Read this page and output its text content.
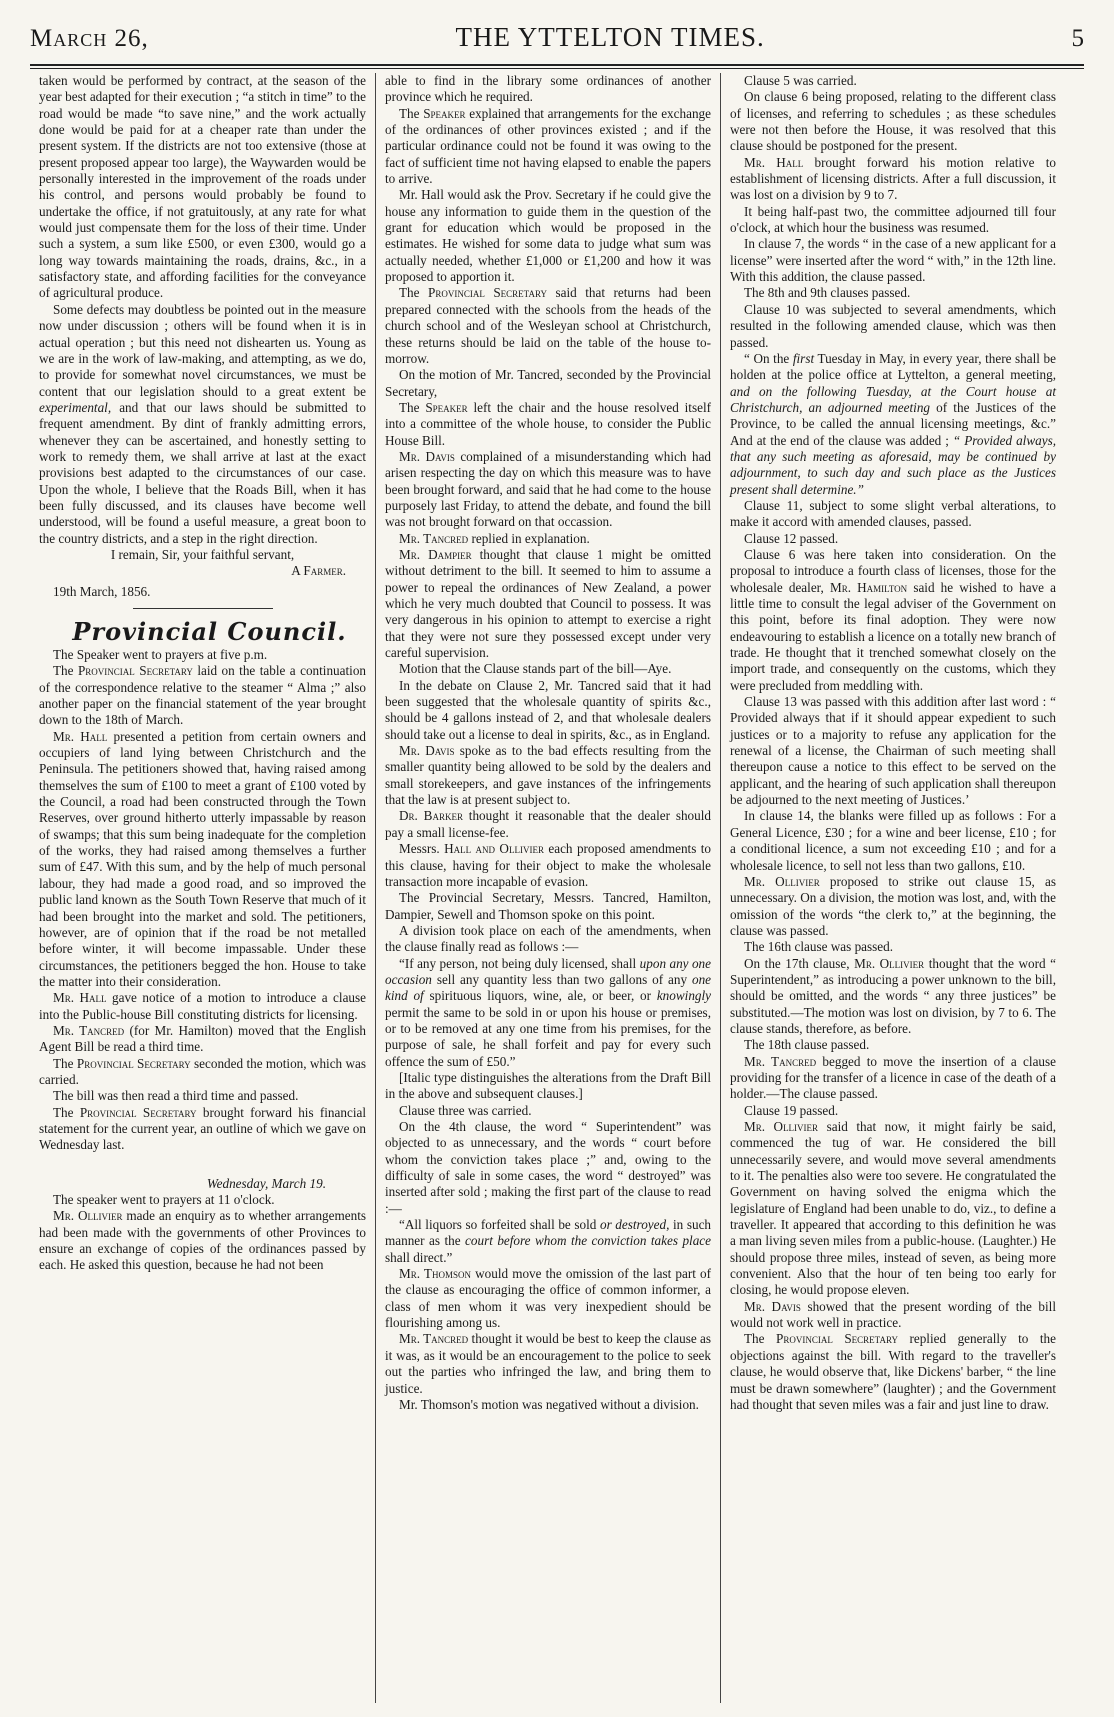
March 26,	THE YTTELTON TIMES.	5

taken would be performed by contract, at the season of the year best adapted for their execution ; “a stitch in time” to the road would be made “to save nine,” and the work actually done would be paid for at a cheaper rate than under the present system. If the districts are not too extensive (those at present proposed appear too large), the Waywarden would be personally interested in the improvement of the roads under his control, and persons would probably be found to undertake the office, if not gratuitously, at any rate for what would just compensate them for the loss of their time. Under such a system, a sum like £500, or even £300, would go a long way towards maintaining the roads, drains, &c., in a satisfactory state, and affording facilities for the conveyance of agricultural produce.

Some defects may doubtless be pointed out in the measure now under discussion ; others will be found when it is in actual operation ; but this need not dishearten us. Young as we are in the work of law-making, and attempting, as we do, to provide for somewhat novel circumstances, we must be content that our legislation should to a great extent be experimental, and that our laws should be submitted to frequent amendment. By dint of frankly admitting errors, whenever they can be ascertained, and honestly setting to work to remedy them, we shall arrive at last at the exact provisions best adapted to the circumstances of our case. Upon the whole, I believe that the Roads Bill, when it has been fully discussed, and its clauses have become well understood, will be found a useful measure, a great boon to the country districts, and a step in the right direction.

I remain, Sir, your faithful servant,

A Farmer.

19th March, 1856.

Provincial Council.

The Speaker went to prayers at five p.m.

The Provincial Secretary laid on the table a continuation of the correspondence relative to the steamer “ Alma ;” also another paper on the financial statement of the year brought down to the 18th of March.

Mr. Hall presented a petition from certain owners and occupiers of land lying between Christchurch and the Peninsula. The petitioners showed that, having raised among themselves the sum of £100 to meet a grant of £100 voted by the Council, a road had been constructed through the Town Reserves, over ground hitherto utterly impassable by reason of swamps; that this sum being inadequate for the completion of the works, they had raised among themselves a further sum of £47. With this sum, and by the help of much personal labour, they had made a good road, and so improved the public land known as the South Town Reserve that much of it had been brought into the market and sold. The petitioners, however, are of opinion that if the road be not metalled before winter, it will become impassable. Under these circumstances, the petitioners begged the hon. House to take the matter into their consideration.

Mr. Hall gave notice of a motion to introduce a clause into the Public-house Bill constituting districts for licensing.

Mr. Tancred (for Mr. Hamilton) moved that the English Agent Bill be read a third time.

The Provincial Secretary seconded the motion, which was carried.

The bill was then read a third time and passed.

The Provincial Secretary brought forward his financial statement for the current year, an outline of which we gave on Wednesday last.

Wednesday, March 19.

The speaker went to prayers at 11 o'clock.

Mr. Ollivier made an enquiry as to whether arrangements had been made with the governments of other Provinces to ensure an exchange of copies of the ordinances passed by each. He asked this question, because he had not been

able to find in the library some ordinances of another province which he required.

The Speaker explained that arrangements for the exchange of the ordinances of other provinces existed ; and if the particular ordinance could not be found it was owing to the fact of sufficient time not having elapsed to enable the papers to arrive.

Mr. Hall would ask the Prov. Secretary if he could give the house any information to guide them in the question of the grant for education which would be proposed in the estimates. He wished for some data to judge what sum was actually needed, whether £1,000 or £1,200 and how it was proposed to apportion it.

The Provincial Secretary said that returns had been prepared connected with the schools from the heads of the church school and of the Wesleyan school at Christchurch, these returns should be laid on the table of the house to-morrow.

On the motion of Mr. Tancred, seconded by the Provincial Secretary,

The Speaker left the chair and the house resolved itself into a committee of the whole house, to consider the Public House Bill.

Mr. Davis complained of a misunderstanding which had arisen respecting the day on which this measure was to have been brought forward, and said that he had come to the house purposely last Friday, to attend the debate, and found the bill was not brought forward on that occassion.

Mr. Tancred replied in explanation.

Mr. Dampier thought that clause 1 might be omitted without detriment to the bill. It seemed to him to assume a power to repeal the ordinances of New Zealand, a power which he very much doubted that Council to possess. It was very dangerous in his opinion to attempt to exercise a right that they were not sure they possessed except under very careful supervision.

Motion that the Clause stands part of the bill—Aye.

In the debate on Clause 2, Mr. Tancred said that it had been suggested that the wholesale quantity of spirits &c., should be 4 gallons instead of 2, and that wholesale dealers should take out a license to deal in spirits, &c., as in England.

Mr. Davis spoke as to the bad effects resulting from the smaller quantity being allowed to be sold by the dealers and small storekeepers, and gave instances of the infringements that the law is at present subject to.

Dr. Barker thought it reasonable that the dealer should pay a small license-fee.

Messrs. Hall and Ollivier each proposed amendments to this clause, having for their object to make the wholesale transaction more incapable of evasion.

The Provincial Secretary, Messrs. Tancred, Hamilton, Dampier, Sewell and Thomson spoke on this point.

A division took place on each of the amendments, when the clause finally read as follows :—

“If any person, not being duly licensed, shall upon any one occasion sell any quantity less than two gallons of any one kind of spirituous liquors, wine, ale, or beer, or knowingly permit the same to be sold in or upon his house or premises, or to be removed at any one time from his premises, for the purpose of sale, he shall forfeit and pay for every such offence the sum of £50.”

[Italic type distinguishes the alterations from the Draft Bill in the above and subsequent clauses.]

Clause three was carried.

On the 4th clause, the word “ Superintendent” was objected to as unnecessary, and the words “ court before whom the conviction takes place ;” and, owing to the difficulty of sale in some cases, the word “ destroyed” was inserted after sold ; making the first part of the clause to read :—

“All liquors so forfeited shall be sold or destroyed, in such manner as the court before whom the conviction takes place shall direct.”

Mr. Thomson would move the omission of the last part of the clause as encouraging the office of common informer, a class of men whom it was very inexpedient should be flourishing among us.

Mr. Tancred thought it would be best to keep the clause as it was, as it would be an encouragement to the police to seek out the parties who infringed the law, and bring them to justice.

Mr. Thomson's motion was negatived without a division.

Clause 5 was carried.

On clause 6 being proposed, relating to the different class of licenses, and referring to schedules ; as these schedules were not then before the House, it was resolved that this clause should be postponed for the present.

Mr. Hall brought forward his motion relative to establishment of licensing districts. After a full discussion, it was lost on a division by 9 to 7.

It being half-past two, the committee adjourned till four o'clock, at which hour the business was resumed.

In clause 7, the words “ in the case of a new applicant for a license” were inserted after the word “ with,” in the 12th line. With this addition, the clause passed.

The 8th and 9th clauses passed.

Clause 10 was subjected to several amendments, which resulted in the following amended clause, which was then passed.

“ On the first Tuesday in May, in every year, there shall be holden at the police office at Lyttelton, a general meeting, and on the following Tuesday, at the Court house at Christchurch, an adjourned meeting of the Justices of the Province, to be called the annual licensing meetings, &c.” And at the end of the clause was added ; “ Provided always, that any such meeting as aforesaid, may be continued by adjournment, to such day and such place as the Justices present shall determine.”

Clause 11, subject to some slight verbal alterations, to make it accord with amended clauses, passed.

Clause 12 passed.

Clause 6 was here taken into consideration. On the proposal to introduce a fourth class of licenses, those for the wholesale dealer, Mr. Hamilton said he wished to have a little time to consult the legal adviser of the Government on this point, before its final adoption. They were now endeavouring to establish a licence on a totally new branch of trade. He thought that it trenched somewhat closely on the import trade, and consequently on the customs, which they were precluded from meddling with.

Clause 13 was passed with this addition after last word : “ Provided always that if it should appear expedient to such justices or to a majority to refuse any application for the renewal of a license, the Chairman of such meeting shall thereupon cause a notice to this effect to be served on the applicant, and the hearing of such application shall thereupon be adjourned to the next meeting of Justices.’

In clause 14, the blanks were filled up as follows : For a General Licence, £30 ; for a wine and beer license, £10 ; for a conditional licence, a sum not exceeding £10 ; and for a wholesale licence, to sell not less than two gallons, £10.

Mr. Ollivier proposed to strike out clause 15, as unnecessary. On a division, the motion was lost, and, with the omission of the words “the clerk to,” at the beginning, the clause was passed.

The 16th clause was passed.

On the 17th clause, Mr. Ollivier thought that the word “ Superintendent,” as introducing a power unknown to the bill, should be omitted, and the words “ any three justices” be substituted.—The motion was lost on division, by 7 to 6. The clause stands, therefore, as before.

The 18th clause passed.

Mr. Tancred begged to move the insertion of a clause providing for the transfer of a licence in case of the death of a holder.—The clause passed.

Clause 19 passed.

Mr. Ollivier said that now, it might fairly be said, commenced the tug of war. He considered the bill unnecessarily severe, and would move several amendments to it. The penalties also were too severe. He congratulated the Government on having solved the enigma which the legislature of England had been unable to do, viz., to define a traveller. It appeared that according to this definition he was a man living seven miles from a public-house. (Laughter.) He should propose three miles, instead of seven, as being more convenient. Also that the hour of ten being too early for closing, he would propose eleven.

Mr. Davis showed that the present wording of the bill would not work well in practice.

The Provincial Secretary replied generally to the objections against the bill. With regard to the traveller's clause, he would observe that, like Dickens' barber, “ the line must be drawn somewhere” (laughter) ; and the Government had thought that seven miles was a fair and just line to draw.
